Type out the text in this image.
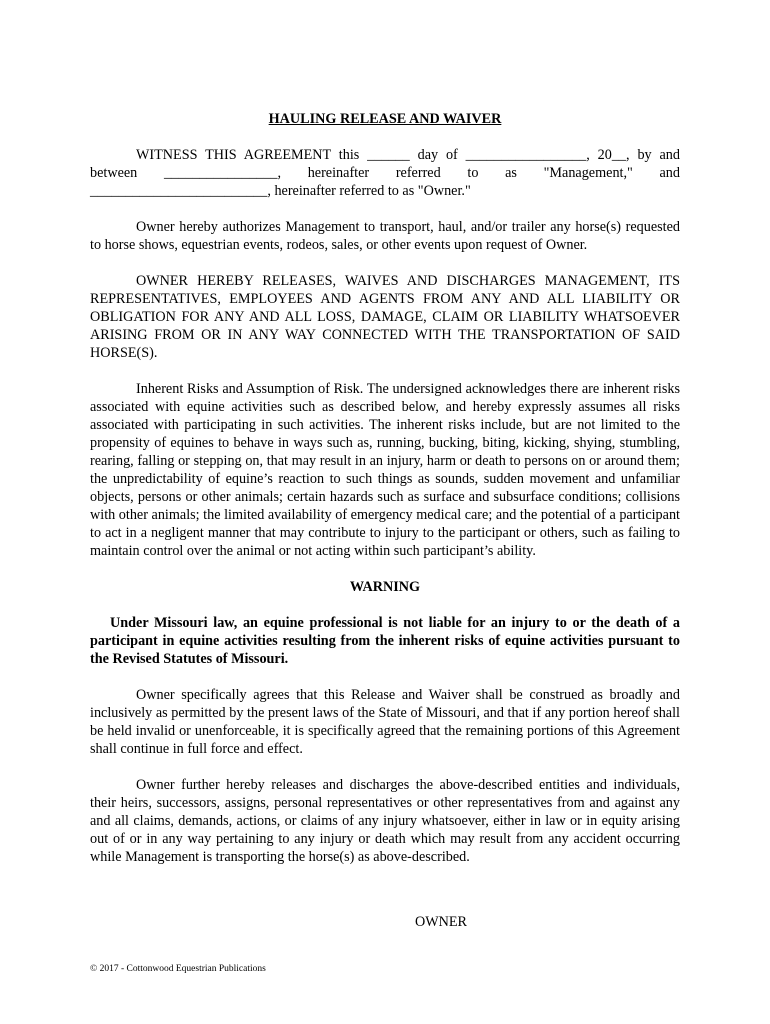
HAULING RELEASE AND WAIVER
WITNESS THIS AGREEMENT this ______ day of _________________, 20__, by and
between  ________________,  hereinafter  referred  to  as  "Management,"  and
_________________________, hereinafter referred to as "Owner."

Owner hereby authorizes Management to transport, haul, and/or trailer any horse(s) requested to horse shows, equestrian events, rodeos, sales, or other events upon request of Owner.

OWNER HEREBY RELEASES, WAIVES AND DISCHARGES MANAGEMENT, ITS REPRESENTATIVES, EMPLOYEES AND AGENTS FROM ANY AND ALL LIABILITY OR OBLIGATION FOR ANY AND ALL LOSS, DAMAGE, CLAIM OR LIABILITY WHATSOEVER ARISING FROM OR IN ANY WAY CONNECTED WITH THE TRANSPORTATION OF SAID HORSE(S).

Inherent Risks and Assumption of Risk. The undersigned acknowledges there are inherent risks associated with equine activities such as described below, and hereby expressly assumes all risks associated with participating in such activities. The inherent risks include, but are not limited to the propensity of equines to behave in ways such as, running, bucking, biting, kicking, shying, stumbling, rearing, falling or stepping on, that may result in an injury, harm or death to persons on or around them; the unpredictability of equine’s reaction to such things as sounds, sudden movement and unfamiliar objects, persons or other animals; certain hazards such as surface and subsurface conditions; collisions with other animals; the limited availability of emergency medical care; and the potential of a participant to act in a negligent manner that may contribute to injury to the participant or others, such as failing to maintain control over the animal or not acting within such participant’s ability.

WARNING

Under Missouri law, an equine professional is not liable for an injury to or the death of a participant in equine activities resulting from the inherent risks of equine activities pursuant to the Revised Statutes of Missouri.

Owner specifically agrees that this Release and Waiver shall be construed as broadly and inclusively as permitted by the present laws of the State of Missouri, and that if any portion hereof shall be held invalid or unenforceable, it is specifically agreed that the remaining portions of this Agreement shall continue in full force and effect.

Owner further hereby releases and discharges the above-described entities and individuals, their heirs, successors, assigns, personal representatives or other representatives from and against any and all claims, demands, actions, or claims of any injury whatsoever, either in law or in equity arising out of or in any way pertaining to any injury or death which may result from any accident occurring while Management is transporting the horse(s) as above-described.

OWNER
© 2017 - Cottonwood Equestrian Publications
